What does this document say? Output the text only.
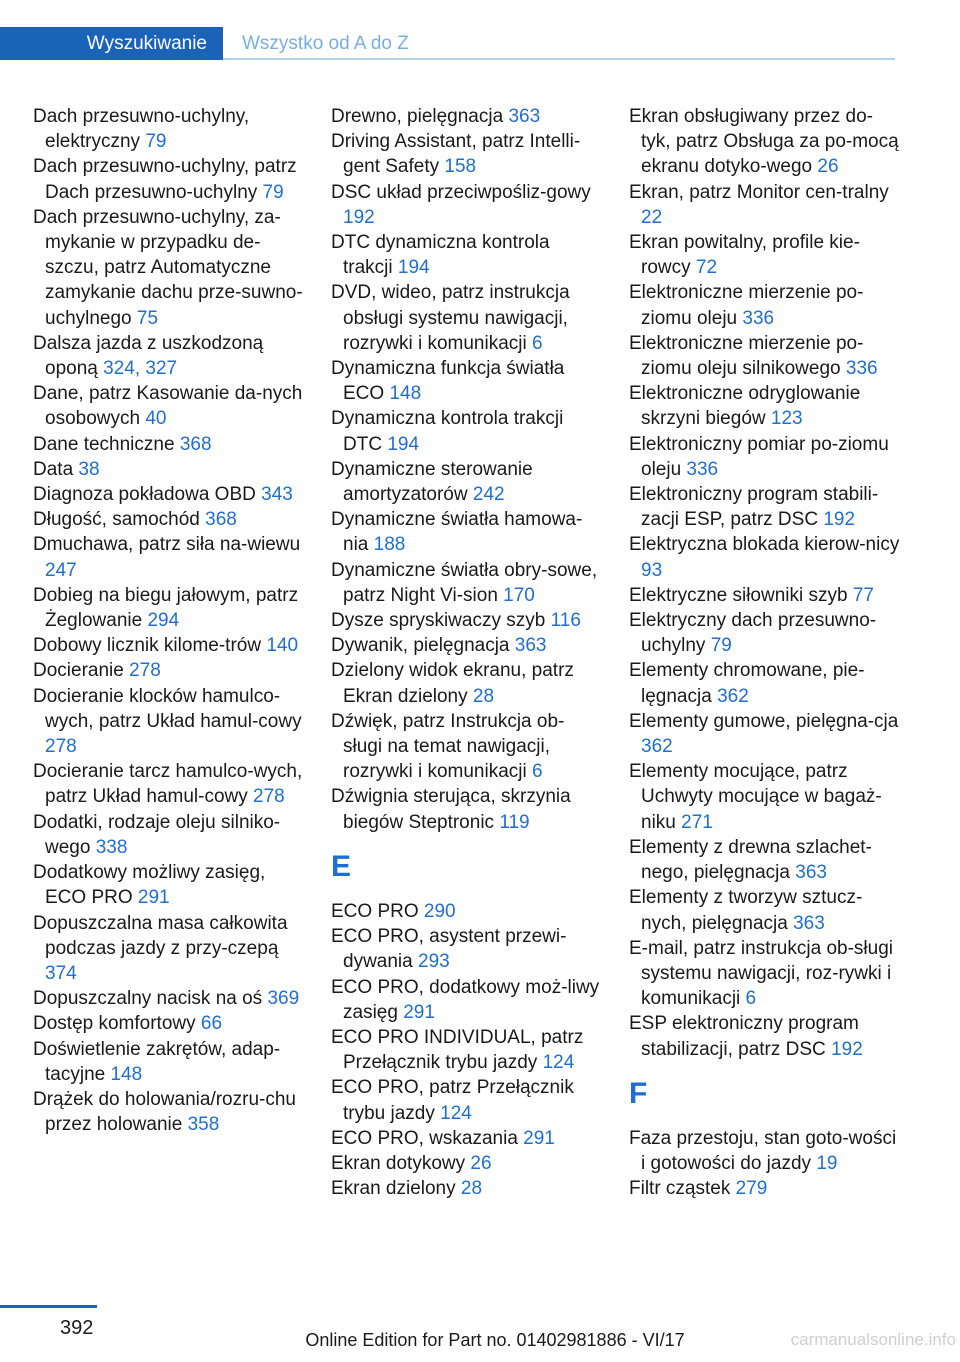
Wyszukiwanie	Wszystko od A do Z
Dach przesuwno-uchylny, elektryczny 79
Dach przesuwno-uchylny, patrz Dach przesuwno-uchylny 79
Dach przesuwno-uchylny, za-mykanie w przypadku de-szczu, patrz Automatyczne zamykanie dachu prze-suwno-uchylnego 75
Dalsza jazda z uszkodzoną oponą 324, 327
Dane, patrz Kasowanie da-nych osobowych 40
Dane techniczne 368
Data 38
Diagnoza pokładowa OBD 343
Długość, samochód 368
Dmuchawa, patrz siła na-wiewu 247
Dobieg na biegu jałowym, patrz Żeglowanie 294
Dobowy licznik kilome-trów 140
Docieranie 278
Docieranie klocków hamulco-wych, patrz Układ hamul-cowy 278
Docieranie tarcz hamulco-wych, patrz Układ hamul-cowy 278
Dodatki, rodzaje oleju silniko-wego 338
Dodatkowy możliwy zasięg, ECO PRO 291
Dopuszczalna masa całkowita podczas jazdy z przy-czepą 374
Dopuszczalny nacisk na oś 369
Dostęp komfortowy 66
Doświetlenie zakrętów, adap-tacyjne 148
Drążek do holowania/rozru-chu przez holowanie 358
Drewno, pielęgnacja 363
Driving Assistant, patrz Intelli-gent Safety 158
DSC układ przeciwpośliz-gowy 192
DTC dynamiczna kontrola trakcji 194
DVD, wideo, patrz instrukcja obsługi systemu nawigacji, rozrywki i komunikacji 6
Dynamiczna funkcja światła ECO 148
Dynamiczna kontrola trakcji DTC 194
Dynamiczne sterowanie amortyzatorów 242
Dynamiczne światła hamowa-nia 188
Dynamiczne światła obry-sowe, patrz Night Vi-sion 170
Dysze spryskiwaczy szyb 116
Dywanik, pielęgnacja 363
Dzielony widok ekranu, patrz Ekran dzielony 28
Dźwięk, patrz Instrukcja ob-sługi na temat nawigacji, rozrywki i komunikacji 6
Dźwignia sterująca, skrzynia biegów Steptronic 119
E
ECO PRO 290
ECO PRO, asystent przewi-dywania 293
ECO PRO, dodatkowy moż-liwy zasięg 291
ECO PRO INDIVIDUAL, patrz Przełącznik trybu jazdy 124
ECO PRO, patrz Przełącznik trybu jazdy 124
ECO PRO, wskazania 291
Ekran dotykowy 26
Ekran dzielony 28
Ekran obsługiwany przez do-tyk, patrz Obsługa za po-mocą ekranu dotyko-wego 26
Ekran, patrz Monitor cen-tralny 22
Ekran powitalny, profile kie-rowcy 72
Elektroniczne mierzenie po-ziomu oleju 336
Elektroniczne mierzenie po-ziomu oleju silnikowego 336
Elektroniczne odryglowanie skrzyni biegów 123
Elektroniczny pomiar po-ziomu oleju 336
Elektroniczny program stabili-zacji ESP, patrz DSC 192
Elektryczna blokada kierow-nicy 93
Elektryczne siłowniki szyb 77
Elektryczny dach przesuwno-uchylny 79
Elementy chromowane, pie-lęgnacja 362
Elementy gumowe, pielęgna-cja 362
Elementy mocujące, patrz Uchwyty mocujące w bagaż-niku 271
Elementy z drewna szlachet-nego, pielęgnacja 363
Elementy z tworzyw sztucz-nych, pielęgnacja 363
E-mail, patrz instrukcja ob-sługi systemu nawigacji, roz-rywki i komunikacji 6
ESP elektroniczny program stabilizacji, patrz DSC 192
F
Faza przestoju, stan goto-wości i gotowości do jazdy 19
Filtr cząstek 279
392
Online Edition for Part no. 01402981886 - VI/17	carmanualsonline.info
